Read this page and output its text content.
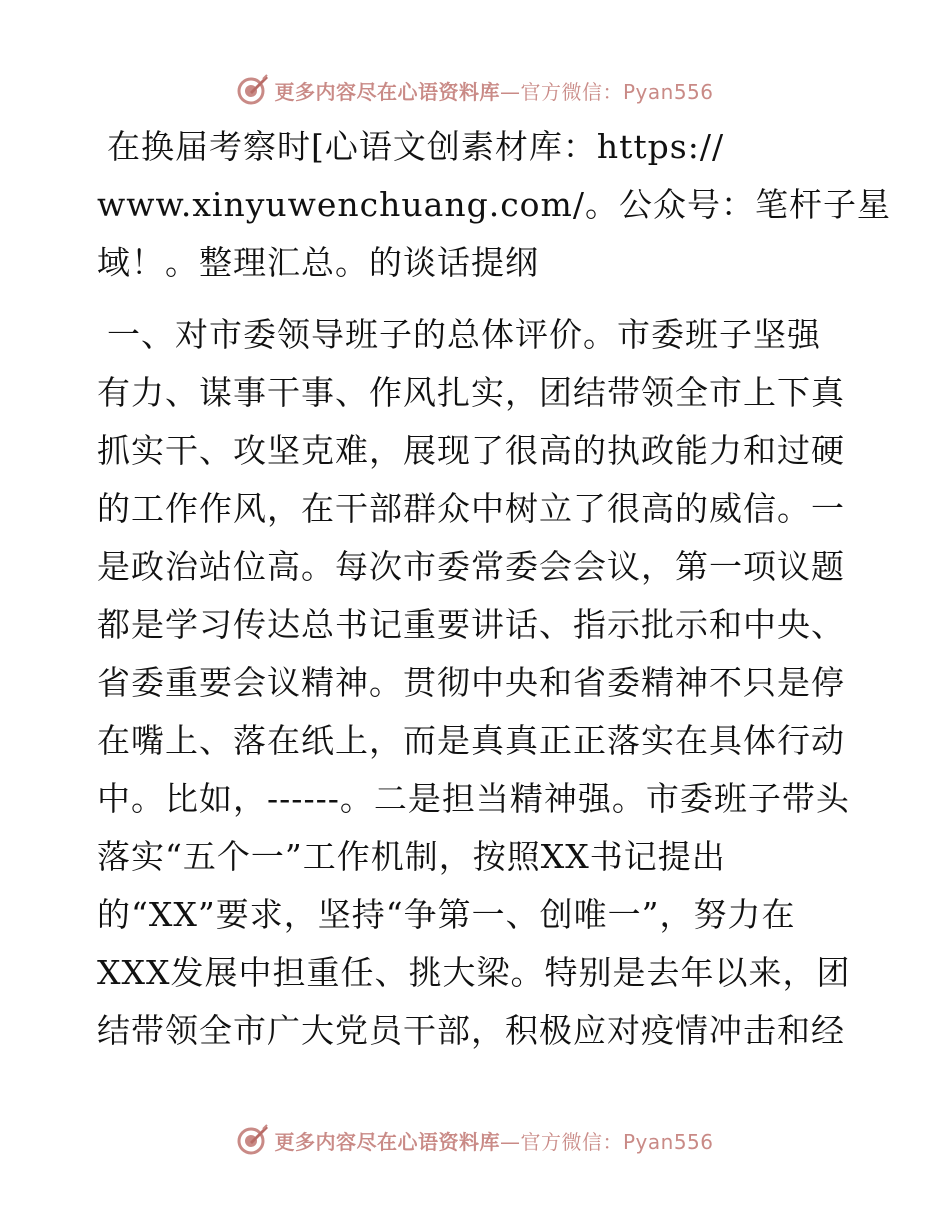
更多内容尽在心语资料库—官方微信：Pyan556
在换届考察时[心语文创素材库：https://
www.xinyuwenchuang.com/。公众号：笔杆子星
域！。整理汇总。的谈话提纲
一、对市委领导班子的总体评价。市委班子坚强
有力、谋事干事、作风扎实，团结带领全市上下真
抓实干、攻坚克难，展现了很高的执政能力和过硬
的工作作风，在干部群众中树立了很高的威信。一
是政治站位高。每次市委常委会会议，第一项议题
都是学习传达总书记重要讲话、指示批示和中央、
省委重要会议精神。贯彻中央和省委精神不只是停
在嘴上、落在纸上，而是真真正正落实在具体行动
中。比如，------。二是担当精神强。市委班子带头
落实“五个一”工作机制，按照XX书记提出
的“XX”要求，坚持“争第一、创唯一”，努力在
XXX发展中担重任、挑大梁。特别是去年以来，团
结带领全市广大党员干部，积极应对疫情冲击和经
更多内容尽在心语资料库—官方微信：Pyan556
